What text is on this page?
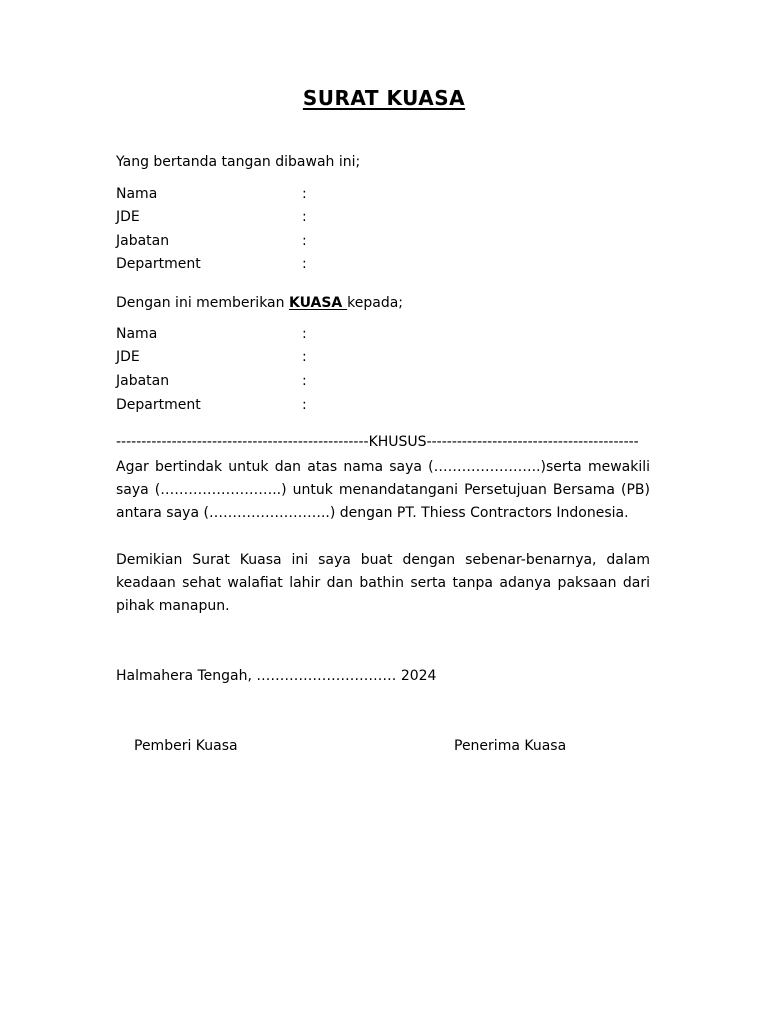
SURAT KUASA
Yang bertanda tangan dibawah ini;
Nama	:
JDE	:
Jabatan	:
Department	:
Dengan ini memberikan KUASA kepada;
Nama	:
JDE	:
Jabatan	:
Department	:
--------------------------------------------------KHUSUS------------------------------------------
Agar bertindak untuk dan atas nama saya (…………………..)serta mewakili
saya (……………………..) untuk menandatangani Persetujuan Bersama (PB)
antara saya (……………………..) dengan PT. Thiess Contractors Indonesia.
Demikian Surat Kuasa ini saya buat dengan sebenar-benarnya, dalam
keadaan sehat walafiat lahir dan bathin serta tanpa adanya paksaan dari
pihak manapun.
Halmahera Tengah, ………………………… 2024
Pemberi Kuasa	Penerima Kuasa
